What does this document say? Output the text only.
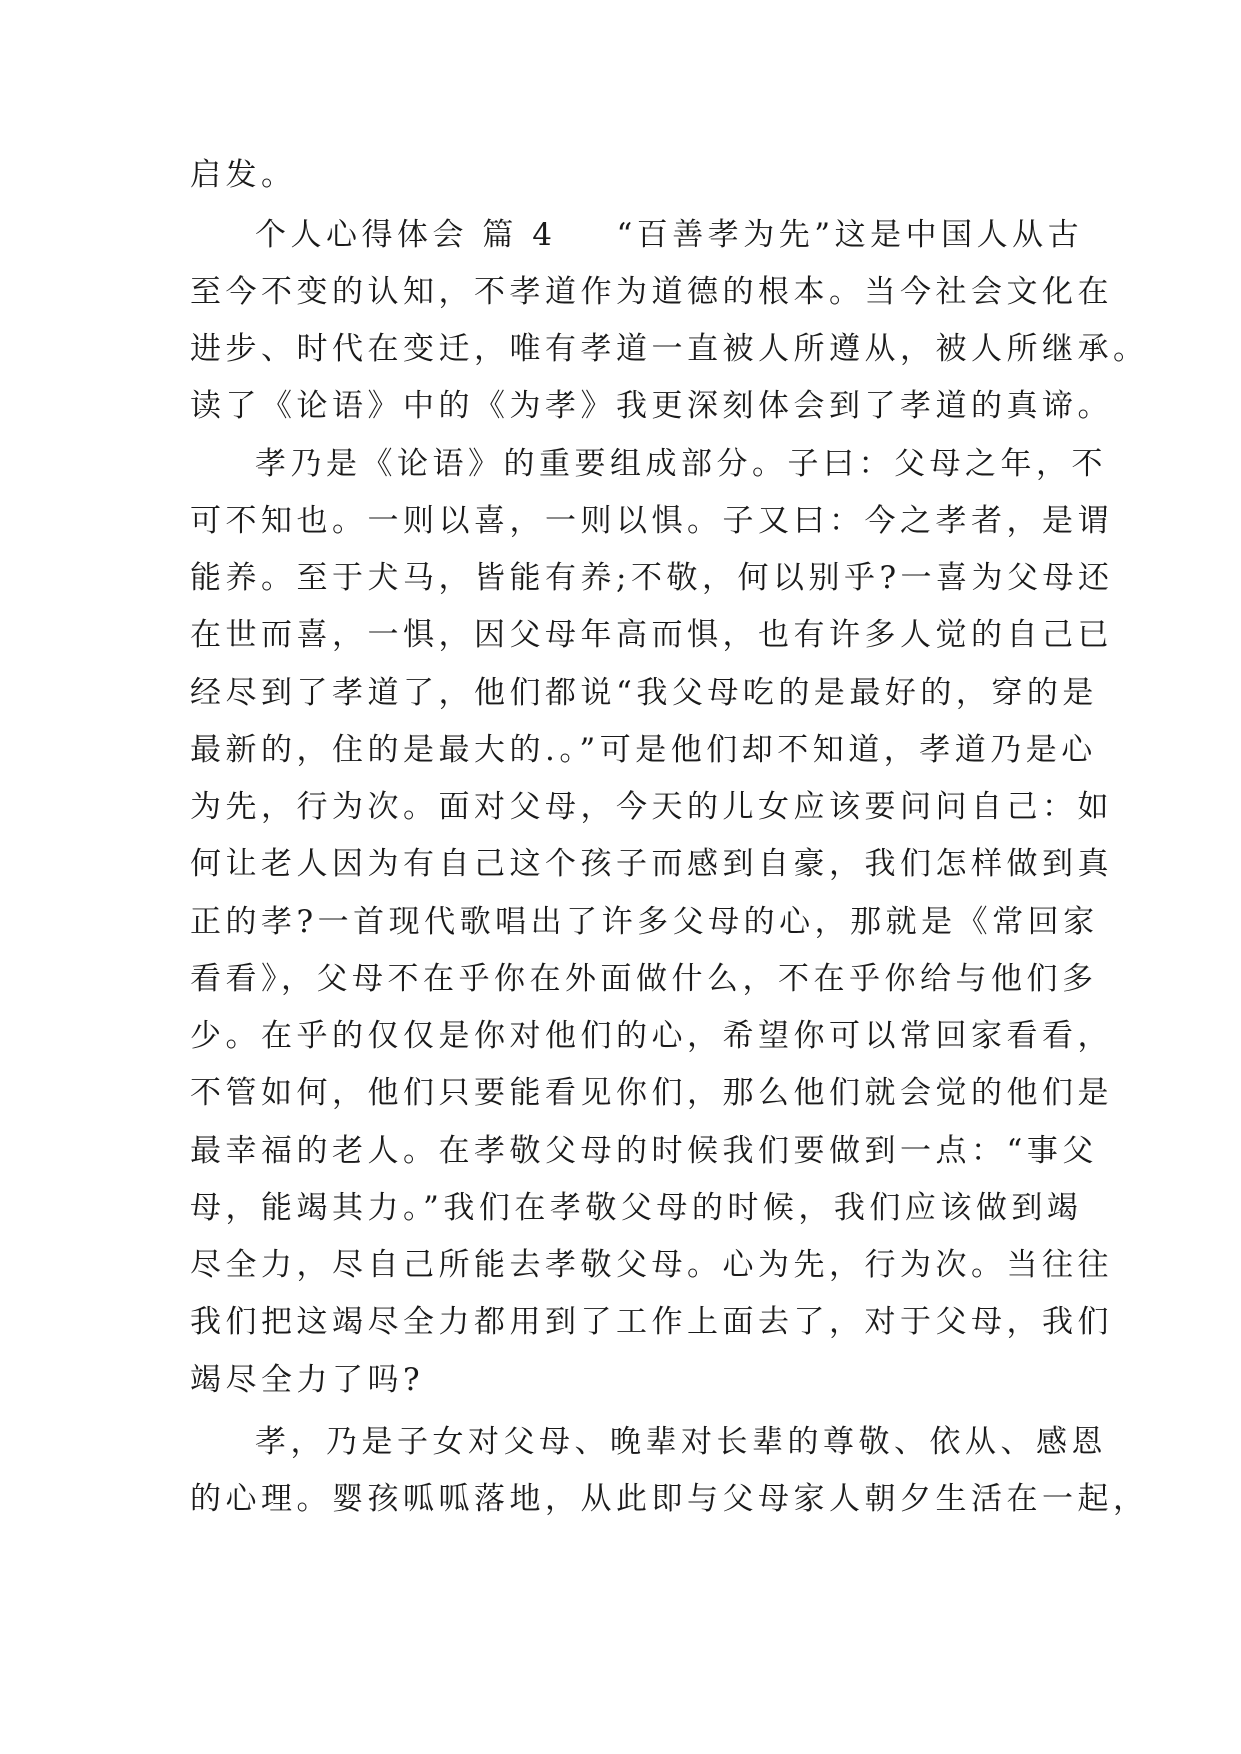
启发。
个人心得体会 篇 4 “百善孝为先”这是中国人从古
至今不变的认知，不孝道作为道德的根本。当今社会文化在
进步、时代在变迁，唯有孝道一直被人所遵从，被人所继承。
读了《论语》中的《为孝》我更深刻体会到了孝道的真谛。
孝乃是《论语》的重要组成部分。子曰：父母之年，不
可不知也。一则以喜，一则以惧。子又曰：今之孝者，是谓
能养。至于犬马，皆能有养;不敬，何以别乎?一喜为父母还
在世而喜，一惧，因父母年高而惧，也有许多人觉的自己已
经尽到了孝道了，他们都说“我父母吃的是最好的，穿的是
最新的，住的是最大的.。”可是他们却不知道，孝道乃是心
为先，行为次。面对父母，今天的儿女应该要问问自己：如
何让老人因为有自己这个孩子而感到自豪，我们怎样做到真
正的孝?一首现代歌唱出了许多父母的心，那就是《常回家
看看》，父母不在乎你在外面做什么，不在乎你给与他们多
少。在乎的仅仅是你对他们的心，希望你可以常回家看看，
不管如何，他们只要能看见你们，那么他们就会觉的他们是
最幸福的老人。在孝敬父母的时候我们要做到一点：“事父
母，能竭其力。”我们在孝敬父母的时候，我们应该做到竭
尽全力，尽自己所能去孝敬父母。心为先，行为次。当往往
我们把这竭尽全力都用到了工作上面去了，对于父母，我们
竭尽全力了吗?
孝，乃是子女对父母、晚辈对长辈的尊敬、依从、感恩
的心理。婴孩呱呱落地，从此即与父母家人朝夕生活在一起，
